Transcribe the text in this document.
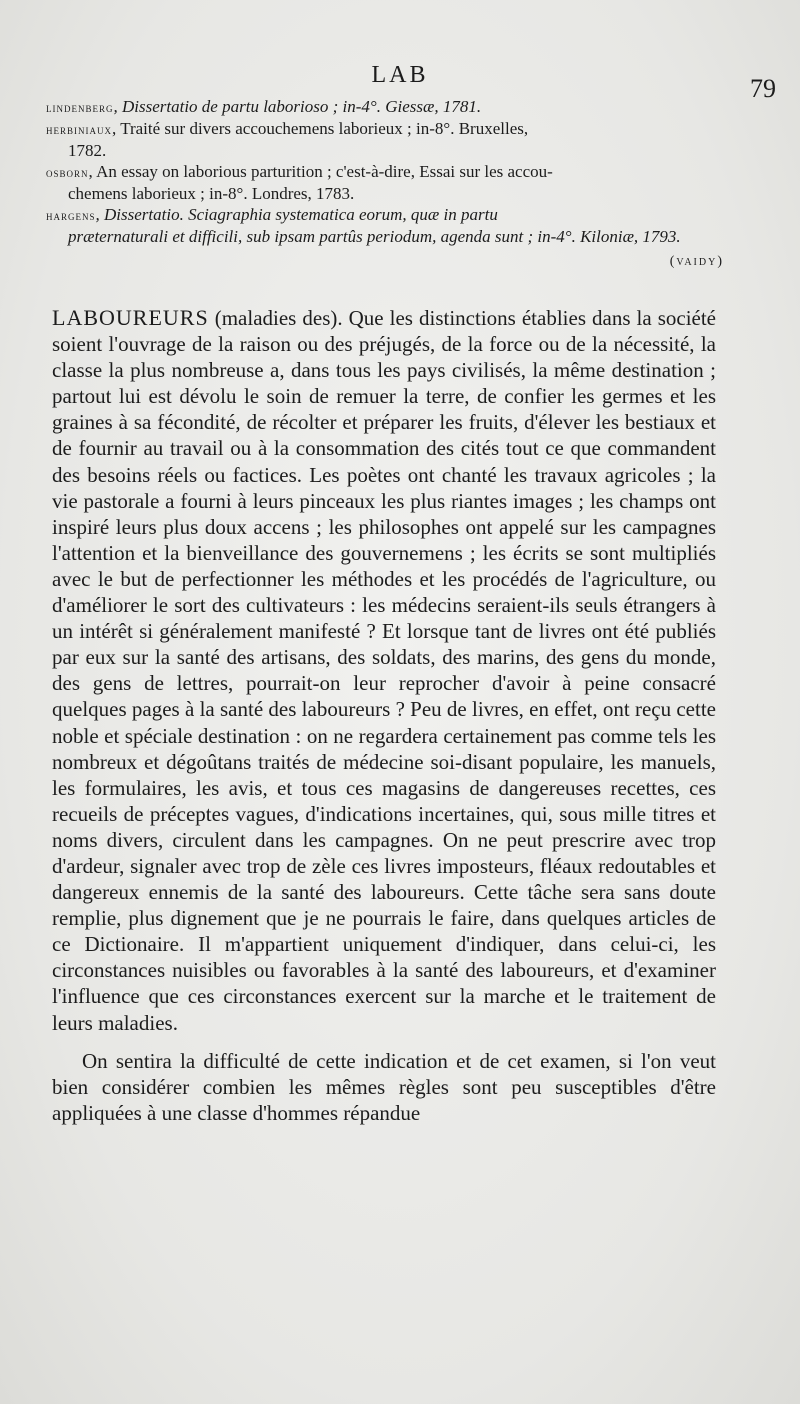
LAB	79

lindenberg, Dissertatio de partu laborioso ; in-4°. Giessæ, 1781.

herbiniaux, Traité sur divers accouchemens laborieux ; in-8°. Bruxelles,
1782.

osborn, An essay on laborious parturition ; c'est-à-dire, Essai sur les accou-
chemens laborieux ; in-8°. Londres, 1783.

hargens, Dissertatio. Sciagraphia systematica eorum, quæ in partu
præternaturali et difficili, sub ipsam partûs periodum, agenda sunt ; in-4°. Kiloniæ, 1793.

(vaidy)

LABOUREURS (maladies des). Que les distinctions établies dans la société soient l'ouvrage de la raison ou des préjugés, de la force ou de la nécessité, la classe la plus nombreuse a, dans tous les pays civilisés, la même destination ; partout lui est dévolu le soin de remuer la terre, de confier les germes et les graines à sa fécondité, de récolter et préparer les fruits, d'élever les bestiaux et de fournir au travail ou à la consommation des cités tout ce que commandent des besoins réels ou factices. Les poètes ont chanté les travaux agricoles ; la vie pastorale a fourni à leurs pinceaux les plus riantes images ; les champs ont inspiré leurs plus doux accens ; les philosophes ont appelé sur les campagnes l'attention et la bienveillance des gouvernemens ; les écrits se sont multipliés avec le but de perfectionner les méthodes et les procédés de l'agriculture, ou d'améliorer le sort des cultivateurs : les médecins seraient-ils seuls étrangers à un intérêt si généralement manifesté ? Et lorsque tant de livres ont été publiés par eux sur la santé des artisans, des soldats, des marins, des gens du monde, des gens de lettres, pourrait-on leur reprocher d'avoir à peine consacré quelques pages à la santé des laboureurs ? Peu de livres, en effet, ont reçu cette noble et spéciale destination : on ne regardera certainement pas comme tels les nombreux et dégoûtans traités de médecine soi-disant populaire, les manuels, les formulaires, les avis, et tous ces magasins de dangereuses recettes, ces recueils de préceptes vagues, d'indications incertaines, qui, sous mille titres et noms divers, circulent dans les campagnes. On ne peut prescrire avec trop d'ardeur, signaler avec trop de zèle ces livres imposteurs, fléaux redoutables et dangereux ennemis de la santé des laboureurs. Cette tâche sera sans doute remplie, plus dignement que je ne pourrais le faire, dans quelques articles de ce Dictionaire. Il m'appartient uniquement d'indiquer, dans celui-ci, les circonstances nuisibles ou favorables à la santé des laboureurs, et d'examiner l'influence que ces circonstances exercent sur la marche et le traitement de leurs maladies.

On sentira la difficulté de cette indication et de cet examen, si l'on veut bien considérer combien les mêmes règles sont peu susceptibles d'être appliquées à une classe d'hommes répandue
